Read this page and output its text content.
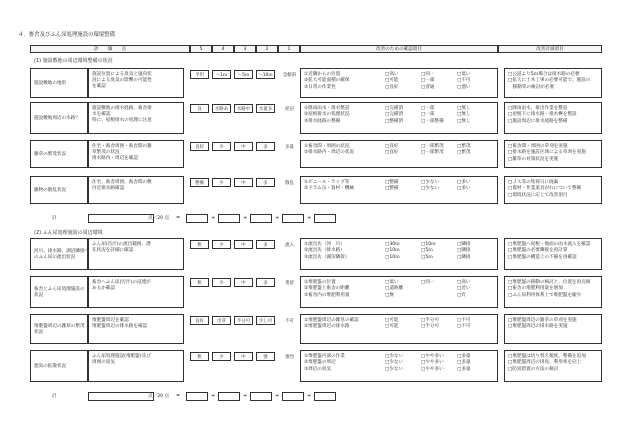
４．畜舎及びふん尿処理施設の環境整備
評　　価　　点	5	4	3	2	1	改善のための確認項目	改善計画項目
(1) 施設敷地の周辺環境整備の状況
施設敷地の地形
施設位置による臭気と風向状
況による臭気の影響の可能性
を確認
平坦	～1ｍ	～5ｍ	～10ｍ	急傾斜	①近隣からの位置	□高い	□同一	□低い
②拡大可能面積の確保	□可能	□一部	□不可
③日常の作業性	□良好	□普通	□悪い
□公道より5ｍ場合は排水路の必要
□拡大に土木工事の必要可能で、施設の
　移動等の検討が必要
施設敷地周辺の水路？
施設敷地の排水経路、畜舎排
水を確認
特に、屋根排水の処理に注意
良	水路あ	水路中	水量多	泥沼	①降雨雨水・排水整設	□完備済	□一部	□無し
②屋根排水の処理状況	□完備済	□一部	□無し
③排水経路の整備	□整備済	□一部整備	□無し
□降雨雨水、排出作業を整設
□屋根下に排水路・排水桝を整設
□施設周辺に排水経路を整備
雑草の繁茂状況
住宅・畜舎周囲・畜舎間の雑
草繁茂の状況
排水路内・周辺を確認
良好	少	中	多	多量	①畜舎間・周囲の状況	□良好	□一部繁茂	□繁茂
②排水路内・周辺の状況	□良好	□一部繁茂	□繁茂
□畜舎間・周囲の草刈を実施
□排水路を施設区域による草刈を実施
□雑草の対策状況を実施
雑物の散乱状況
住宅、畜舎周囲、畜舎間の敷
付近排水路確認
整備	少	中	多	散乱	①ビニール・ラップ等	□整備	□少ない	□多い
②ドラム缶・資材・機械	□整備	□少ない	□多い
□ＪＡ等の集荷日に廃棄
□資材・作業道具がれについて整備
□環境状況に応じて改善項目
計	点／20 点 =	+	+	+	+
(2) ふん尿処理施設の周辺環境
河川、排水路、湖沼隣接へ
のふん尿の流出状況
ふん尿(汚汁)の流出範囲、潜
在状況を詳細に確認
無	少	中	多	流入	①流出先（河　川）	□30ｍ	□10ｍ	□隣接
②流出先（排水路）	□10ｍ	□5ｍ	□隣接
③流出先（湖沼隣接）	□10ｍ	□5ｍ	□隣接
□堆肥盤へ屋根・地面の雨水流入を確認
□堆肥盤の必要隣接を再計算
□堆肥盤の構造上の不備を再確認
畜舎とふん尿処理施設の
状況
畜舎へふん尿(汚汁)の浸透が
あるか確認
無	少	中	多	著留	①堆肥盤の位置	□低い	□同一	□高い
②堆肥盤と畜舎の距離	□遠距離	□近い
③畜舎内の堆肥利用量	□無	□有
□堆肥盤の移動の検討と、位置を再点検
□畜舎の堆肥利用量を増加
□ふん尿利用体系上で堆肥盤を縮少
堆肥盤周辺の雑草の繁茂
状況
堆肥盤周辺を確認
堆肥盤周辺の排水路を確認
良好	出芽	半分可	少し可	不可	①堆肥盤周辺の雑草の確認	□可能	□半分可	□不可
②堆肥盤周辺の排水路	□可能	□半分可	□不可
□堆肥盤周辺の雑草の草刈を実施
□堆肥盤周辺の排水路を実施
悪臭の拡散状況
ふん尿処理施設(堆肥盤)及び
周囲の臭気
無	少	中	強	強烈	①堆肥盤内部の作業	□少ない	□やや多い	□多量
②堆肥盤の周辺	□少ない	□やや多い	□多量
③周辺の臭気	□少ない	□やや多い	□多量
□堆肥盤は切り替え頻度、整備を追加
□堆肥盤周辺の排臭、利用率を向上
□防臭措置の方法の検討
計	点／20 点 =	+	+	+	+
